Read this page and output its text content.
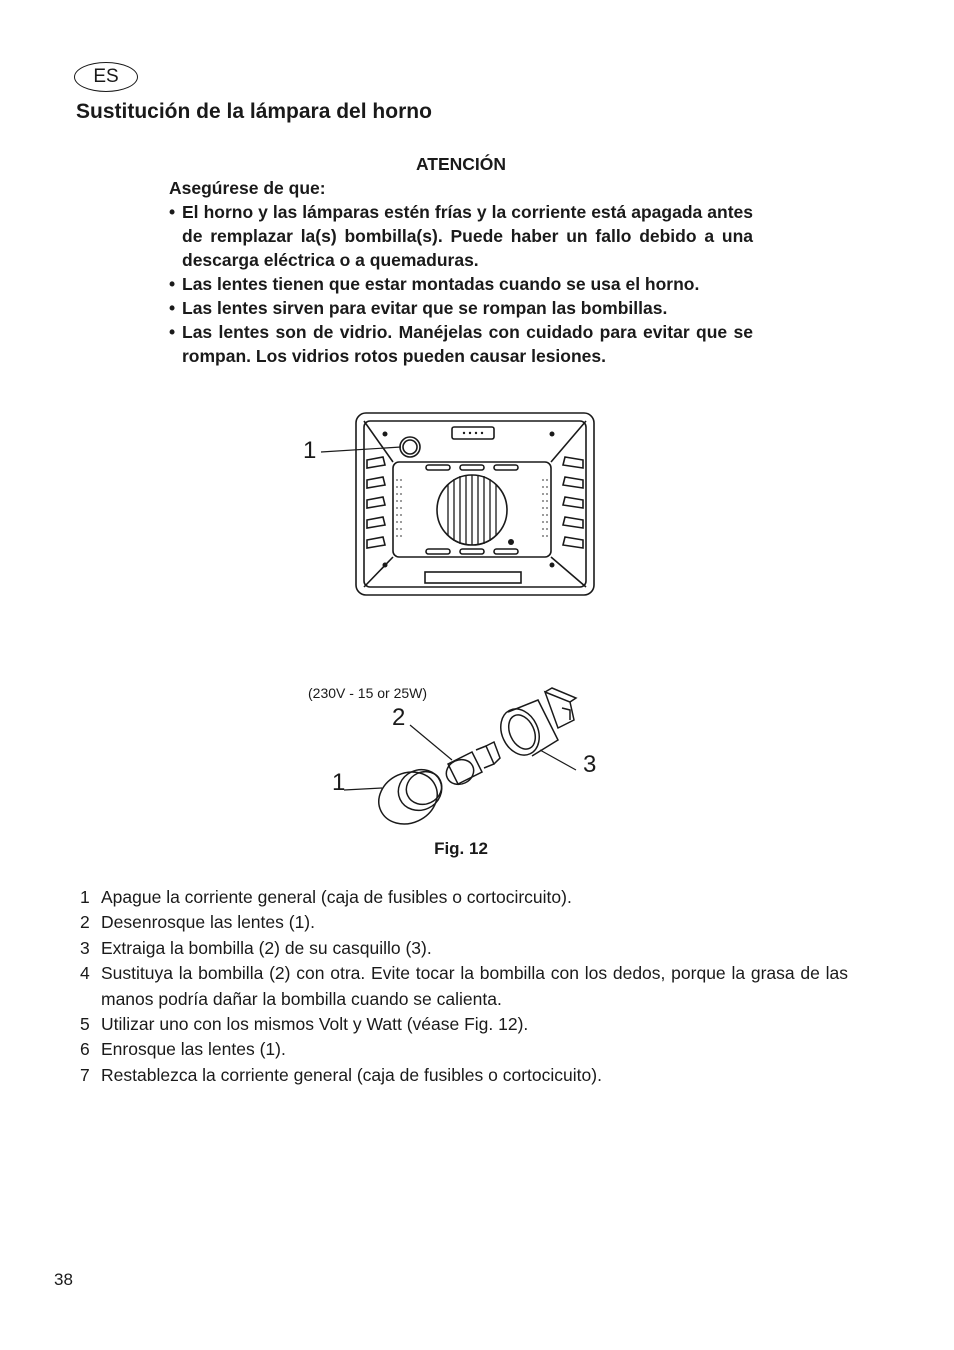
ES
Sustitución de la lámpara del horno
ATENCIÓN

Asegúrese de que:

• El horno y las lámparas estén frías y la corriente está apagada antes de remplazar la(s) bombilla(s). Puede haber un fallo debido a una descarga eléctrica o a quemaduras.
• Las lentes tienen que estar montadas cuando se usa el horno.
• Las lentes sirven para evitar que se rompan las bombillas.
• Las lentes son de vidrio. Manéjelas con cuidado para evitar que se rompan. Los vidrios rotos pueden causar lesiones.
1
(230V - 15 or 25W)
2
1
3
Fig. 12
1 Apague la corriente general (caja de fusibles o cortocircuito).
2 Desenrosque las lentes (1).
3 Extraiga la bombilla (2) de su casquillo (3).
4 Sustituya la bombilla (2) con otra. Evite tocar la bombilla con los dedos, porque la grasa de las manos podría dañar la bombilla cuando se calienta.
5 Utilizar uno con los mismos Volt y Watt (véase Fig. 12).
6 Enrosque las lentes (1).
7 Restablezca la corriente general (caja de fusibles o cortocicuito).
38
